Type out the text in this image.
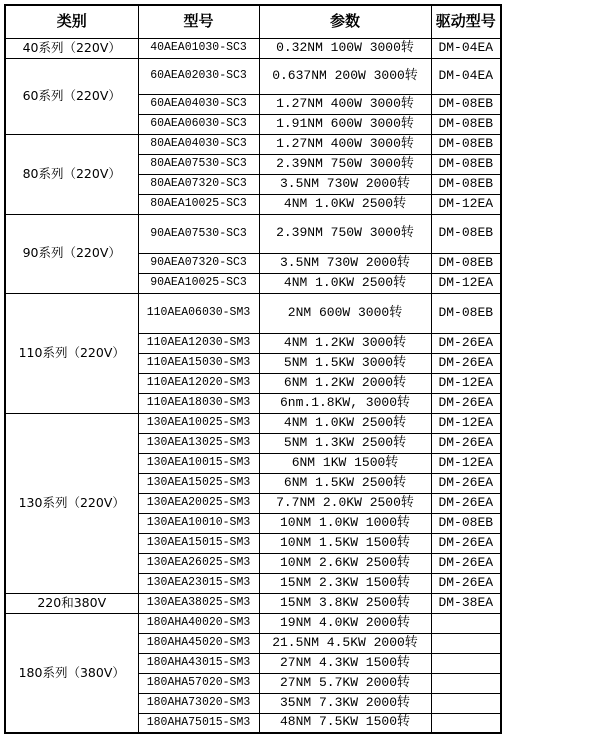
类别	型号	参数	驱动型号
40系列（220V）	40AEA01030-SC3	0.32NM 100W 3000转	DM-04EA
60系列（220V）	60AEA02030-SC3	0.637NM 200W 3000转	DM-04EA
	60AEA04030-SC3	1.27NM 400W 3000转	DM-08EB
	60AEA06030-SC3	1.91NM 600W 3000转	DM-08EB
80系列（220V）	80AEA04030-SC3	1.27NM 400W 3000转	DM-08EB
	80AEA07530-SC3	2.39NM 750W 3000转	DM-08EB
	80AEA07320-SC3	3.5NM 730W 2000转	DM-08EB
	80AEA10025-SC3	4NM 1.0KW 2500转	DM-12EA
90系列（220V）	90AEA07530-SC3	2.39NM 750W 3000转	DM-08EB
	90AEA07320-SC3	3.5NM 730W 2000转	DM-08EB
	90AEA10025-SC3	4NM 1.0KW 2500转	DM-12EA
110系列（220V）	110AEA06030-SM3	2NM 600W 3000转	DM-08EB
	110AEA12030-SM3	4NM 1.2KW 3000转	DM-26EA
	110AEA15030-SM3	5NM 1.5KW 3000转	DM-26EA
	110AEA12020-SM3	6NM 1.2KW 2000转	DM-12EA
	110AEA18030-SM3	6nm.1.8KW, 3000转	DM-26EA
130系列（220V）	130AEA10025-SM3	4NM 1.0KW 2500转	DM-12EA
	130AEA13025-SM3	5NM 1.3KW 2500转	DM-26EA
	130AEA10015-SM3	6NM 1KW 1500转	DM-12EA
	130AEA15025-SM3	6NM 1.5KW 2500转	DM-26EA
	130AEA20025-SM3	7.7NM 2.0KW 2500转	DM-26EA
	130AEA10010-SM3	10NM 1.0KW 1000转	DM-08EB
	130AEA15015-SM3	10NM 1.5KW 1500转	DM-26EA
	130AEA26025-SM3	10NM 2.6KW 2500转	DM-26EA
	130AEA23015-SM3	15NM 2.3KW 1500转	DM-26EA
220和380V	130AEA38025-SM3	15NM 3.8KW 2500转	DM-38EA
180系列（380V）	180AHA40020-SM3	19NM 4.0KW 2000转	
	180AHA45020-SM3	21.5NM 4.5KW 2000转	
	180AHA43015-SM3	27NM 4.3KW 1500转	
	180AHA57020-SM3	27NM 5.7KW 2000转	
	180AHA73020-SM3	35NM 7.3KW 2000转	
	180AHA75015-SM3	48NM 7.5KW 1500转	
